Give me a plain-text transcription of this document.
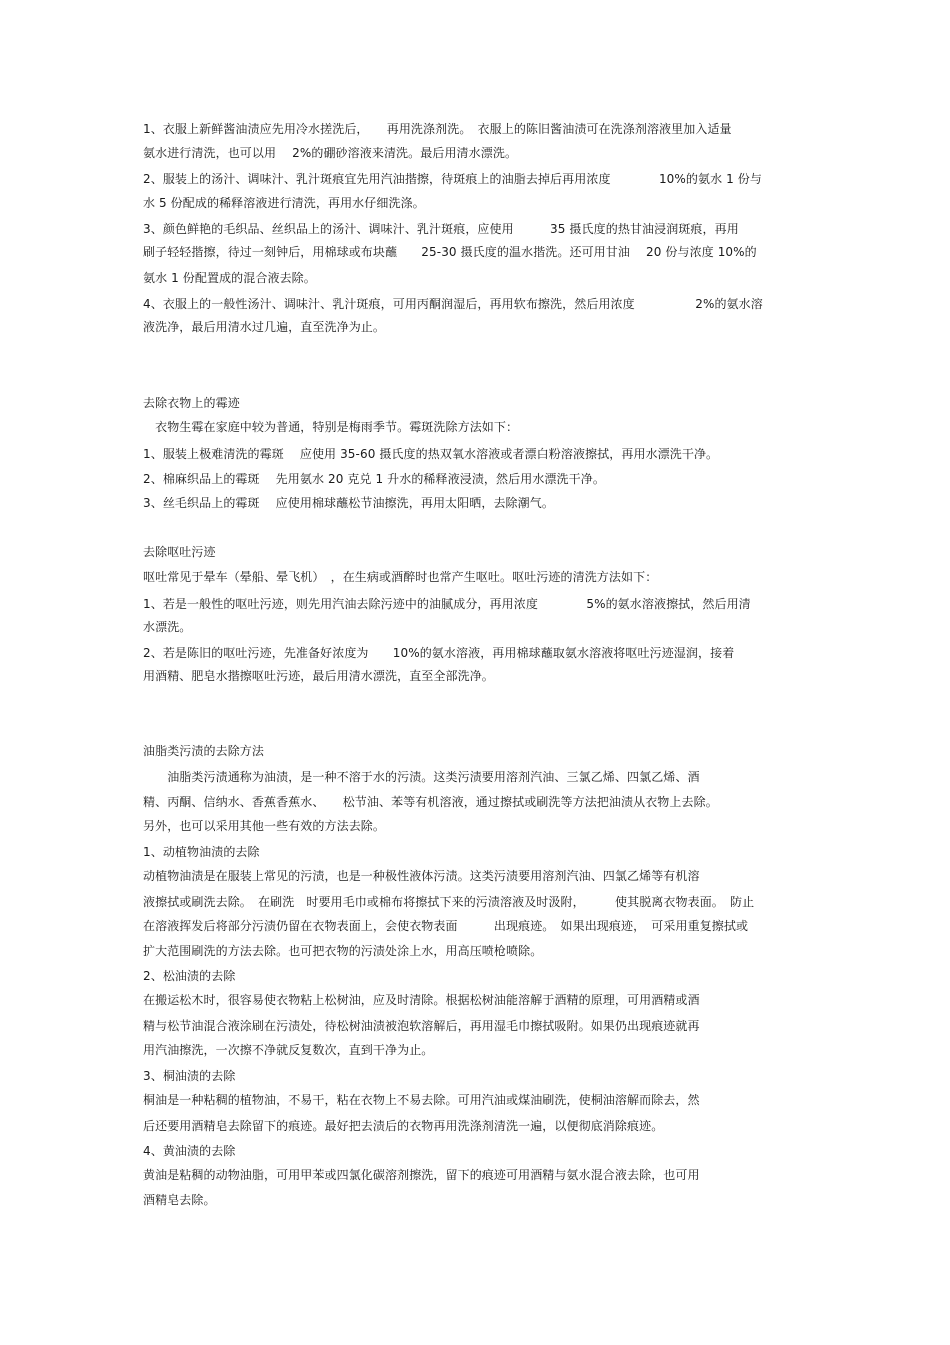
1、衣服上新鲜酱油渍应先用冷水搓洗后，　　再用洗涤剂洗。　衣服上的陈旧酱油渍可在洗涤剂溶液里加入适量
氨水进行清洗，也可以用　 2%的硼砂溶液来清洗。最后用清水漂洗。
2、服装上的汤汁、调味汁、乳汁斑痕宜先用汽油揩擦，待斑痕上的油脂去掉后再用浓度　　　　10%的氨水 1 份与
水 5 份配成的稀释溶液进行清洗，再用水仔细洗涤。
3、颜色鲜艳的毛织品、丝织品上的汤汁、调味汁、乳汁斑痕，应使用　　　35 摄氏度的热甘油浸润斑痕，再用
刷子轻轻揩擦，待过一刻钟后，用棉球或布块蘸　　25-30 摄氏度的温水揩洗。还可用甘油　 20 份与浓度 10%的
氨水 1 份配置成的混合液去除。
4、衣服上的一般性汤汁、调味汁、乳汁斑痕，可用丙酮润湿后，再用软布擦洗，然后用浓度　　　　　2%的氨水溶
液洗净，最后用清水过几遍，直至洗净为止。
去除衣物上的霉迹
　衣物生霉在家庭中较为普通，特别是梅雨季节。霉斑洗除方法如下：
1、服装上极难清洗的霉斑　 应使用 35-60 摄氏度的热双氧水溶液或者漂白粉溶液擦拭，再用水漂洗干净。
2、棉麻织品上的霉斑　 先用氨水 20 克兑 1 升水的稀释液浸渍，然后用水漂洗干净。
3、丝毛织品上的霉斑　 应使用棉球蘸松节油擦洗，再用太阳晒，去除潮气。
去除呕吐污迹
呕吐常见于晕车（晕船、晕飞机）　，在生病或酒醉时也常产生呕吐。呕吐污迹的清洗方法如下：
1、若是一般性的呕吐污迹，则先用汽油去除污迹中的油腻成分，再用浓度　　　　5%的氨水溶液擦拭，然后用清
水漂洗。
2、若是陈旧的呕吐污迹，先准备好浓度为　　10%的氨水溶液，再用棉球蘸取氨水溶液将呕吐污迹湿润，接着
用酒精、肥皂水揩擦呕吐污迹，最后用清水漂洗，直至全部洗净。
油脂类污渍的去除方法
　　油脂类污渍通称为油渍，是一种不溶于水的污渍。这类污渍要用溶剂汽油、三氯乙烯、四氯乙烯、酒
精、丙酮、信纳水、香蕉香蕉水、　　松节油、苯等有机溶液，通过擦拭或刷洗等方法把油渍从衣物上去除。
另外，也可以采用其他一些有效的方法去除。
1、动植物油渍的去除
动植物油渍是在服装上常见的污渍，也是一种极性液体污渍。这类污渍要用溶剂汽油、四氯乙烯等有机溶
液擦拭或刷洗去除。　在刷洗　时要用毛巾或棉布将擦拭下来的污渍溶液及时汲附，　　　使其脱离衣物表面。　防止
在溶液挥发后将部分污渍仍留在衣物表面上，会使衣物表面　　　出现痕迹。　如果出现痕迹，　可采用重复擦拭或
扩大范围刷洗的方法去除。也可把衣物的污渍处涂上水，用高压喷枪喷除。
2、松油渍的去除
在搬运松木时，很容易使衣物粘上松树油，应及时清除。根据松树油能溶解于酒精的原理，可用酒精或酒
精与松节油混合液涂刷在污渍处，待松树油渍被泡软溶解后，再用湿毛巾擦拭吸附。如果仍出现痕迹就再
用汽油擦洗，一次擦不净就反复数次，直到干净为止。
3、桐油渍的去除
桐油是一种粘稠的植物油，不易干，粘在衣物上不易去除。可用汽油或煤油刷洗，使桐油溶解而除去，然
后还要用酒精皂去除留下的痕迹。最好把去渍后的衣物再用洗涤剂清洗一遍，以便彻底消除痕迹。
4、黄油渍的去除
黄油是粘稠的动物油脂，可用甲苯或四氯化碳溶剂擦洗，留下的痕迹可用酒精与氨水混合液去除，也可用
酒精皂去除。
